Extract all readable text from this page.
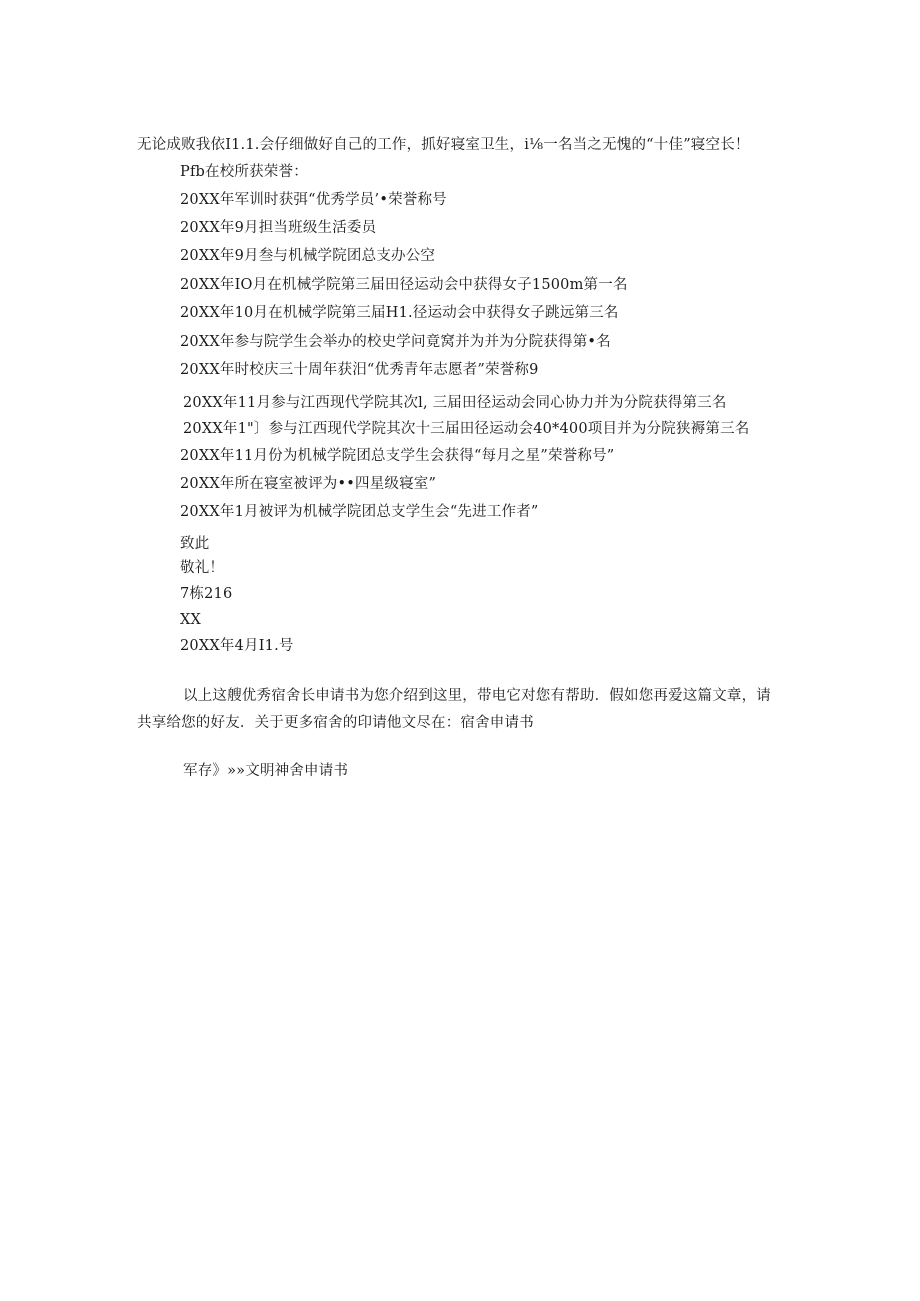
无论成败我依I1.1.会仔细做好自己的工作，抓好寝室卫生，i⅛一名当之无愧的“十佳”寝空长！
Pfb在校所获荣誉：
20XX年军训时获弭“优秀学员’•荣誉称号
20XX年9月担当班级生活委员
20XX年9月叁与机械学院团总支办公空
20XX年IO月在机械学院第三届田径运动会中获得女子1500m第一名
20XX年10月在机械学院第三届H1.径运动会中获得女子跳远第三名
20XX年参与院学生会举办的校史学问竟窝并为并为分院获得第•名
20XX年时校庆三十周年获汨“优秀青年志愿者”荣誉称9
20XX年11月参与江西现代学院其次l, 三届田径运动会同心协力并为分院获得第三名
20XX年1"〕参与江西现代学院其次十三届田径运动会40*400项目并为分院狭褥第三名
20XX年11月份为机械学院团总支学生会获得“每月之星”荣誉称号”
20XX年所在寝室被评为••四星级寝室”
20XX年1月被评为机械学院团总支学生会“先进工作者”
致此
敬礼！
7栋216
XX
20XX年4月I1.号
以上这艘优秀宿舍长申请书为您介绍到这里，带电它对您有帮助．假如您再爱这篇文章，请
共享给您的好友．关于更多宿舍的印请他文尽在：宿舍申请书
军存》»»文明神舍申请书
